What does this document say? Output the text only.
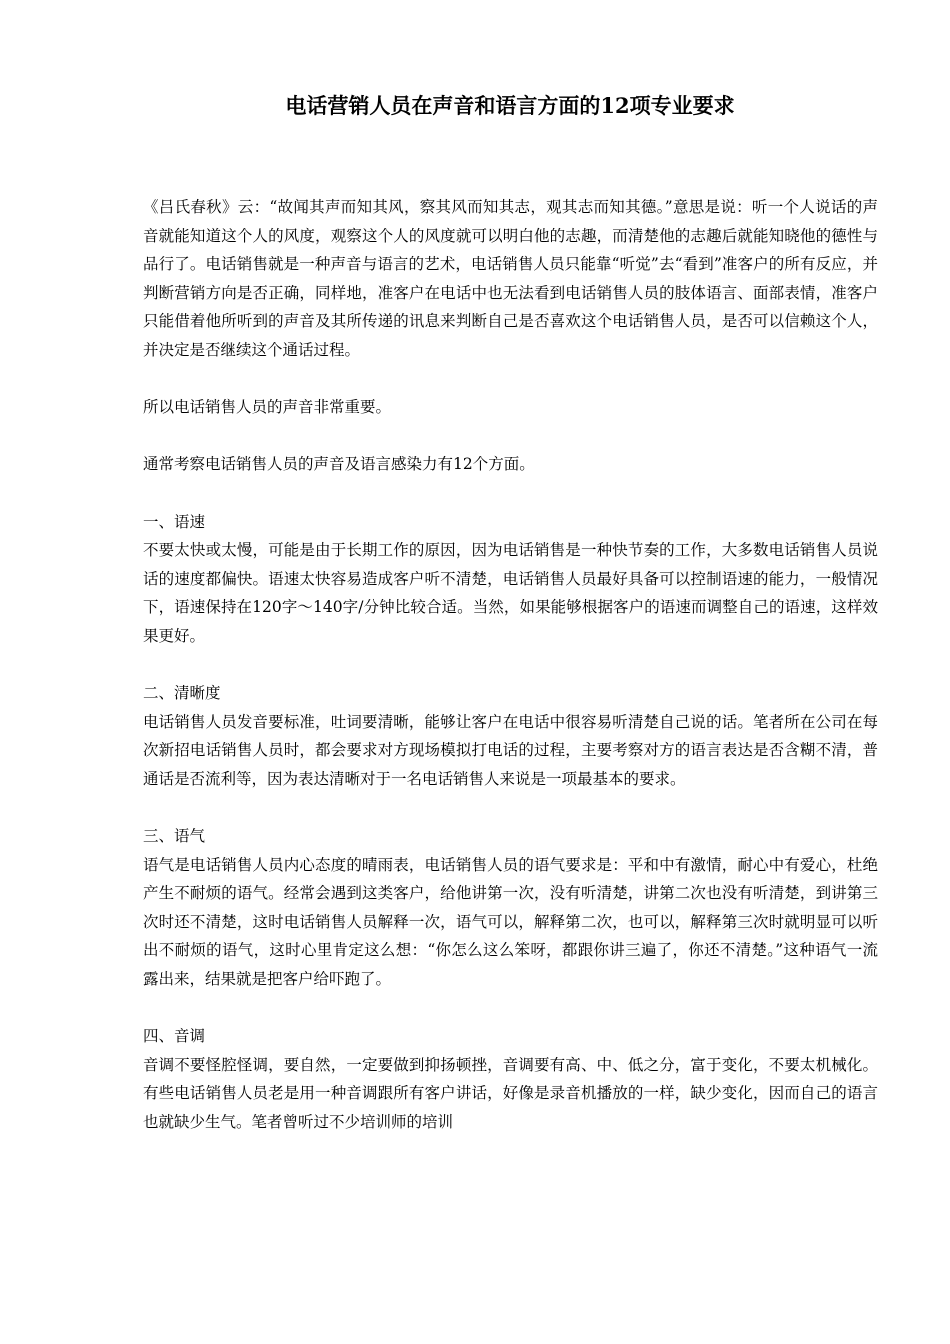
电话营销人员在声音和语言方面的12项专业要求

《吕氏春秋》云：“故闻其声而知其风，察其风而知其志，观其志而知其德。”意思是说：听一个人说话的声音就能知道这个人的风度，观察这个人的风度就可以明白他的志趣，而清楚他的志趣后就能知晓他的德性与品行了。电话销售就是一种声音与语言的艺术，电话销售人员只能靠“听觉”去“看到”准客户的所有反应，并判断营销方向是否正确，同样地，准客户在电话中也无法看到电话销售人员的肢体语言、面部表情，准客户只能借着他所听到的声音及其所传递的讯息来判断自己是否喜欢这个电话销售人员，是否可以信赖这个人，并决定是否继续这个通话过程。

所以电话销售人员的声音非常重要。

通常考察电话销售人员的声音及语言感染力有12个方面。

一、语速

不要太快或太慢，可能是由于长期工作的原因，因为电话销售是一种快节奏的工作，大多数电话销售人员说话的速度都偏快。语速太快容易造成客户听不清楚，电话销售人员最好具备可以控制语速的能力，一般情况下，语速保持在120字～140字/分钟比较合适。当然，如果能够根据客户的语速而调整自己的语速，这样效果更好。

二、清晰度

电话销售人员发音要标准，吐词要清晰，能够让客户在电话中很容易听清楚自己说的话。笔者所在公司在每次新招电话销售人员时，都会要求对方现场模拟打电话的过程，主要考察对方的语言表达是否含糊不清，普通话是否流利等，因为表达清晰对于一名电话销售人来说是一项最基本的要求。

三、语气

语气是电话销售人员内心态度的晴雨表，电话销售人员的语气要求是：平和中有激情，耐心中有爱心，杜绝产生不耐烦的语气。经常会遇到这类客户，给他讲第一次，没有听清楚，讲第二次也没有听清楚，到讲第三次时还不清楚，这时电话销售人员解释一次，语气可以，解释第二次，也可以，解释第三次时就明显可以听出不耐烦的语气，这时心里肯定这么想：“你怎么这么笨呀，都跟你讲三遍了，你还不清楚。”这种语气一流露出来，结果就是把客户给吓跑了。

四、音调

音调不要怪腔怪调，要自然，一定要做到抑扬顿挫，音调要有高、中、低之分，富于变化，不要太机械化。有些电话销售人员老是用一种音调跟所有客户讲话，好像是录音机播放的一样，缺少变化，因而自己的语言也就缺少生气。笔者曾听过不少培训师的培训
